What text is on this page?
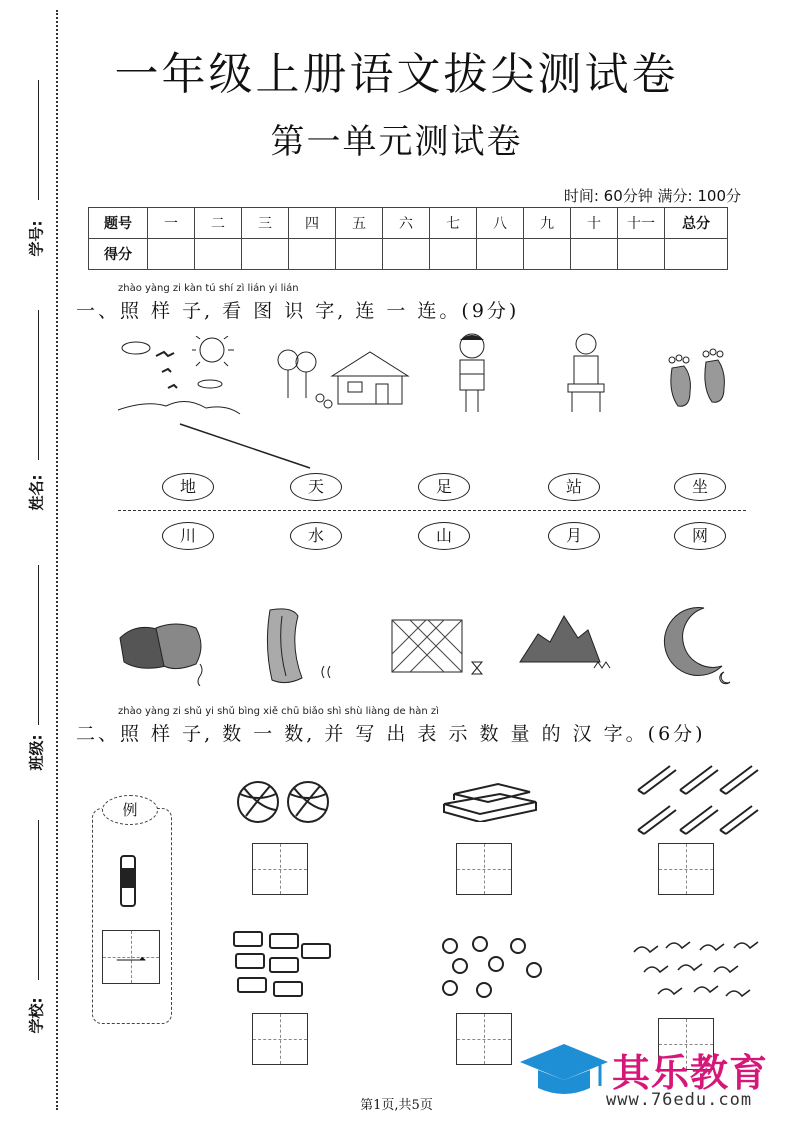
学号:
姓名:
班级:
学校:
一年级上册语文拔尖测试卷
第一单元测试卷
时间: 60分钟 满分: 100分
题号	一	二	三	四	五	六	七	八	九	十	十一	总分
得分												
zhào yàng zi kàn tú shí zì lián yi lián
一、照 样 子, 看 图 识 字, 连 一 连。(9分)
地	天	足	站	坐
川	水	山	月	网
zhào yàng zi shǔ yi shǔ bìng xiě chū biǎo shì shù liàng de hàn zì
二、照 样 子, 数 一 数, 并 写 出 表 示 数 量 的 汉 字。(6分)
例
一
第1页,共5页
其乐教育
www.76edu.com
